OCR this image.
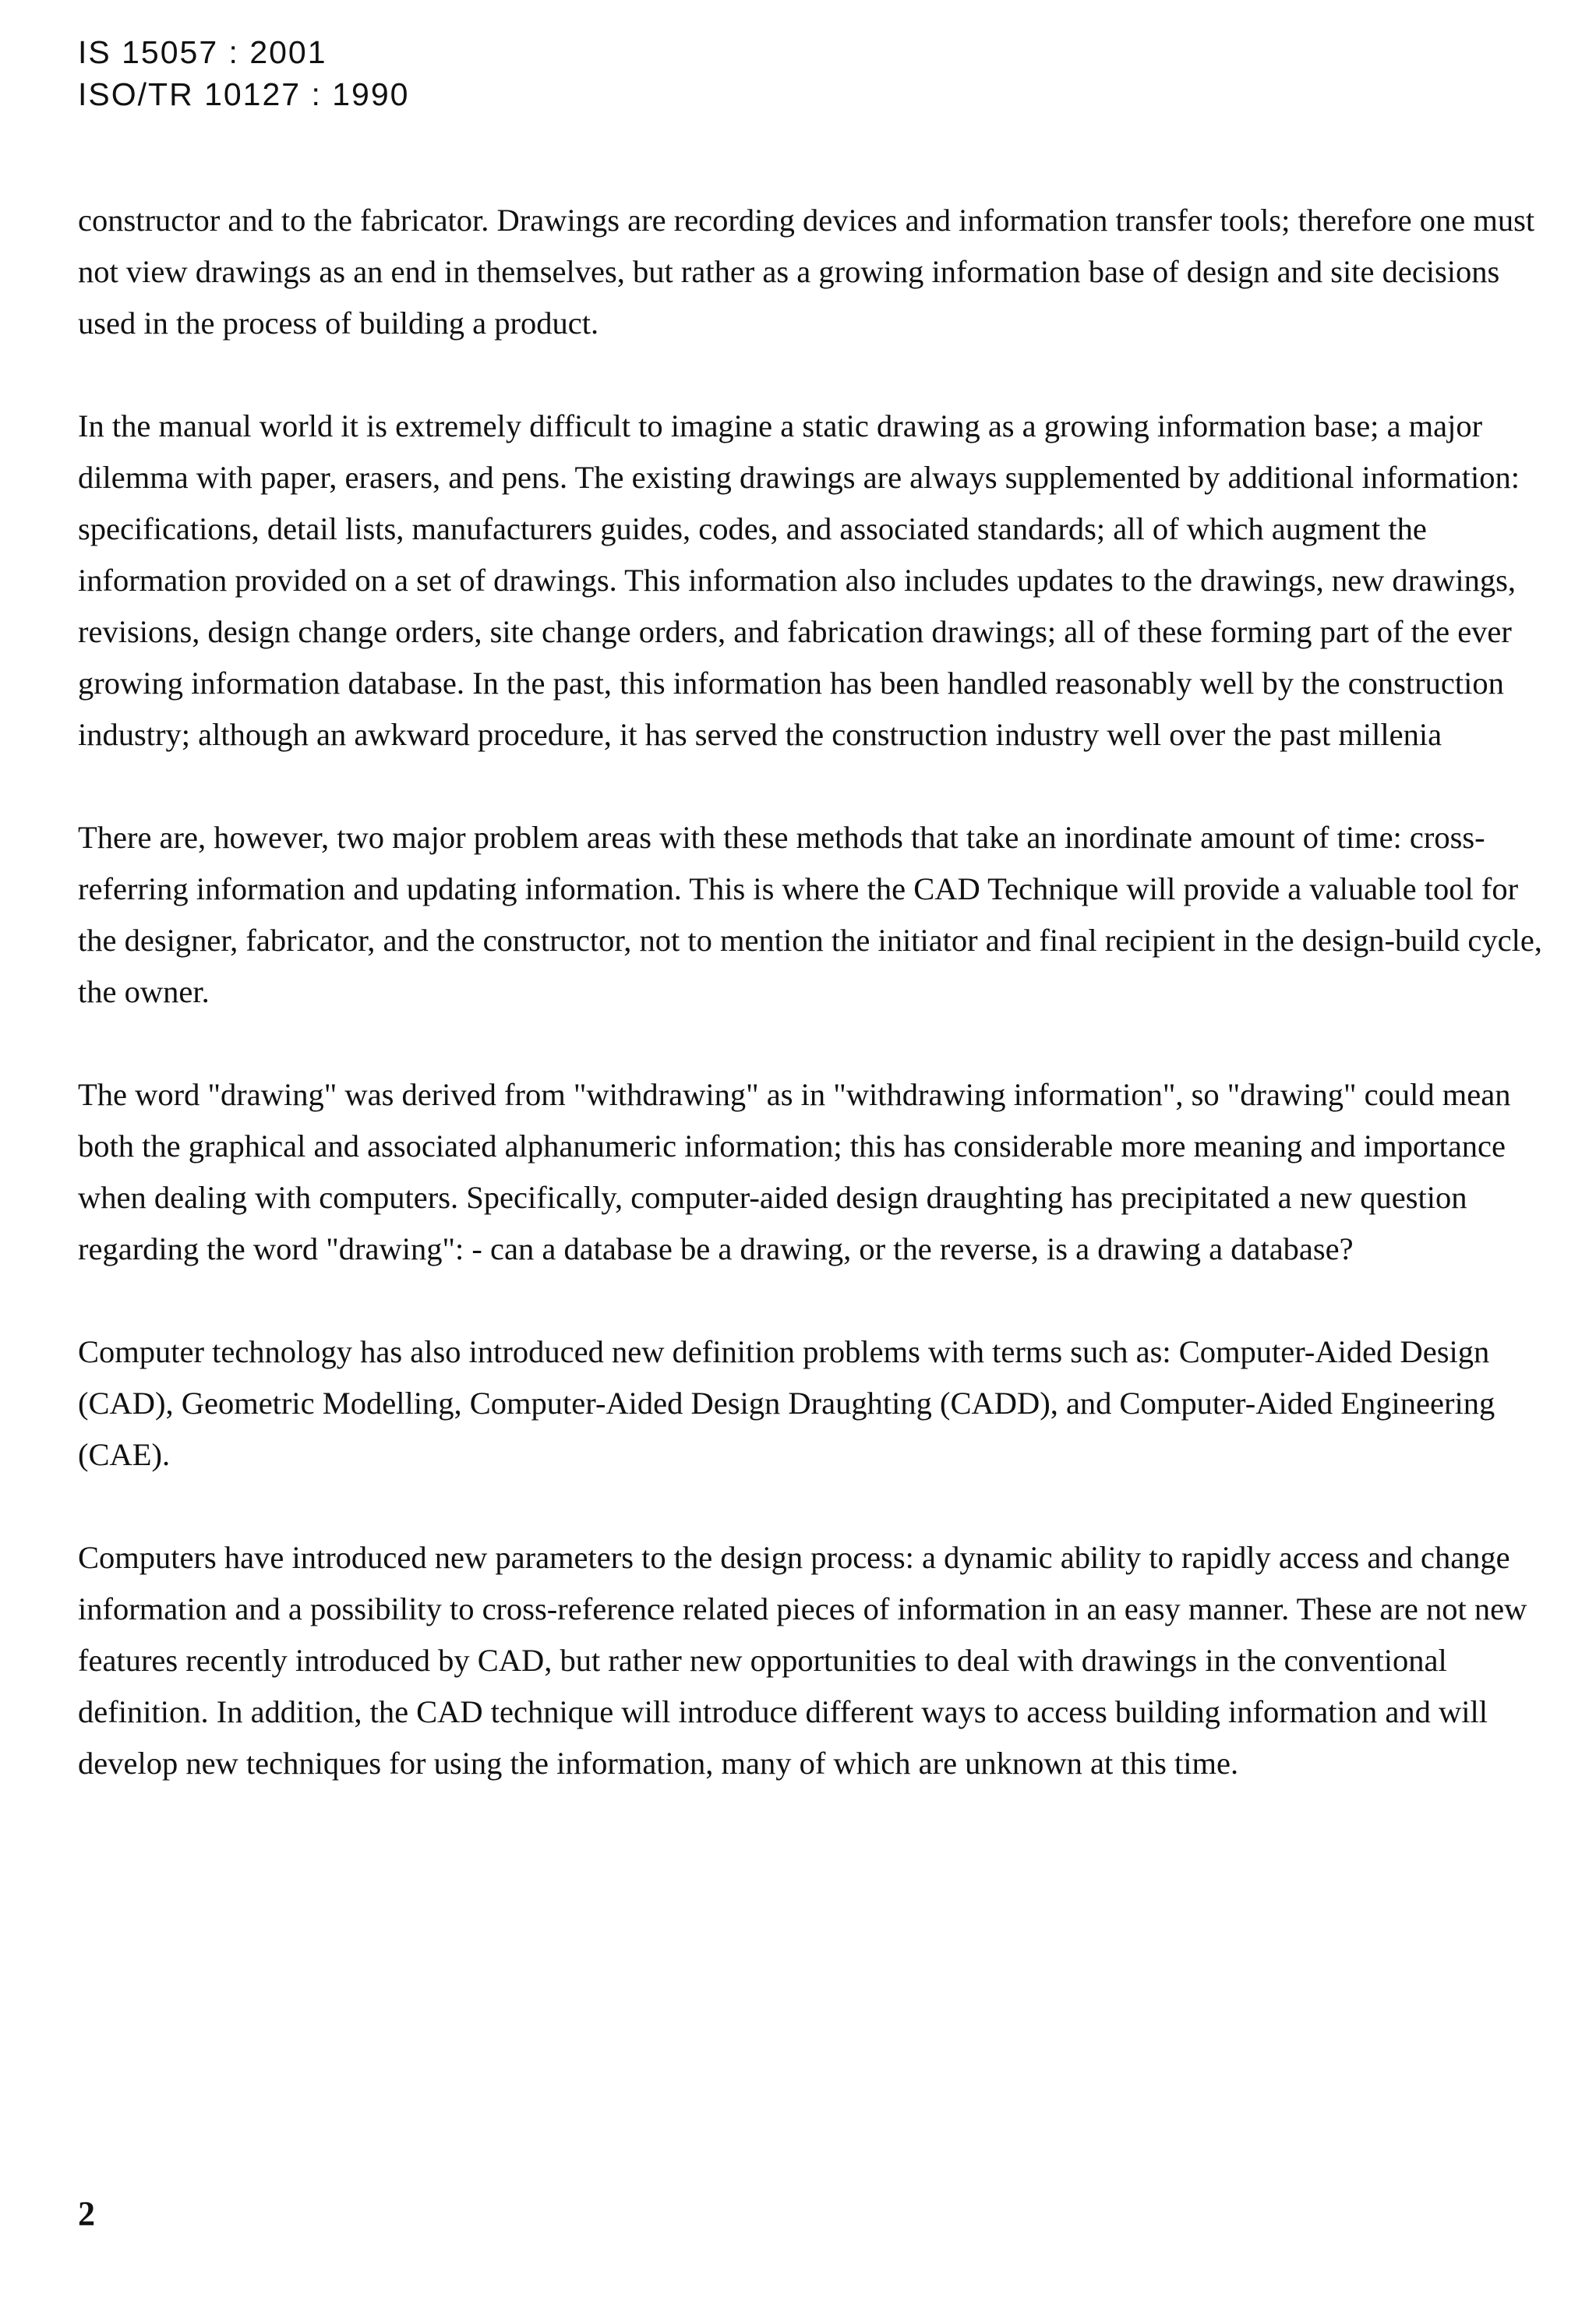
IS 15057 : 2001
ISO/TR 10127 : 1990

constructor and to the fabricator. Drawings are recording devices and information transfer tools; therefore one must not view drawings as an end in themselves, but rather as a growing information base of design and site decisions used in the process of building a product.

In the manual world it is extremely difficult to imagine a static drawing as a growing information base; a major dilemma with paper, erasers, and pens. The existing drawings are always supplemented by additional information: specifications, detail lists, manufacturers guides, codes, and associated standards; all of which augment the information provided on a set of drawings. This information also includes updates to the drawings, new drawings, revisions, design change orders, site change orders, and fabrication drawings; all of these forming part of the ever growing information database. In the past, this information has been handled reasonably well by the construction industry; although an awkward procedure, it has served the construction industry well over the past millenia

There are, however, two major problem areas with these methods that take an inordinate amount of time: cross-referring information and updating information. This is where the CAD Technique will provide a valuable tool for the designer, fabricator, and the constructor, not to mention the initiator and final recipient in the design-build cycle, the owner.

The word "drawing" was derived from "withdrawing" as in "withdrawing information", so "drawing" could mean both the graphical and associated alphanumeric information; this has considerable more meaning and importance when dealing with computers. Specifically, computer-aided design draughting has precipitated a new question regarding the word "drawing": - can a database be a drawing, or the reverse, is a drawing a database?

Computer technology has also introduced new definition problems with terms such as: Computer-Aided Design (CAD), Geometric Modelling, Computer-Aided Design Draughting (CADD), and Computer-Aided Engineering (CAE).

Computers have introduced new parameters to the design process: a dynamic ability to rapidly access and change information and a possibility to cross-reference related pieces of information in an easy manner. These are not new features recently introduced by CAD, but rather new opportunities to deal with drawings in the conventional definition. In addition, the CAD technique will introduce different ways to access building information and will develop new techniques for using the information, many of which are unknown at this time.

2
